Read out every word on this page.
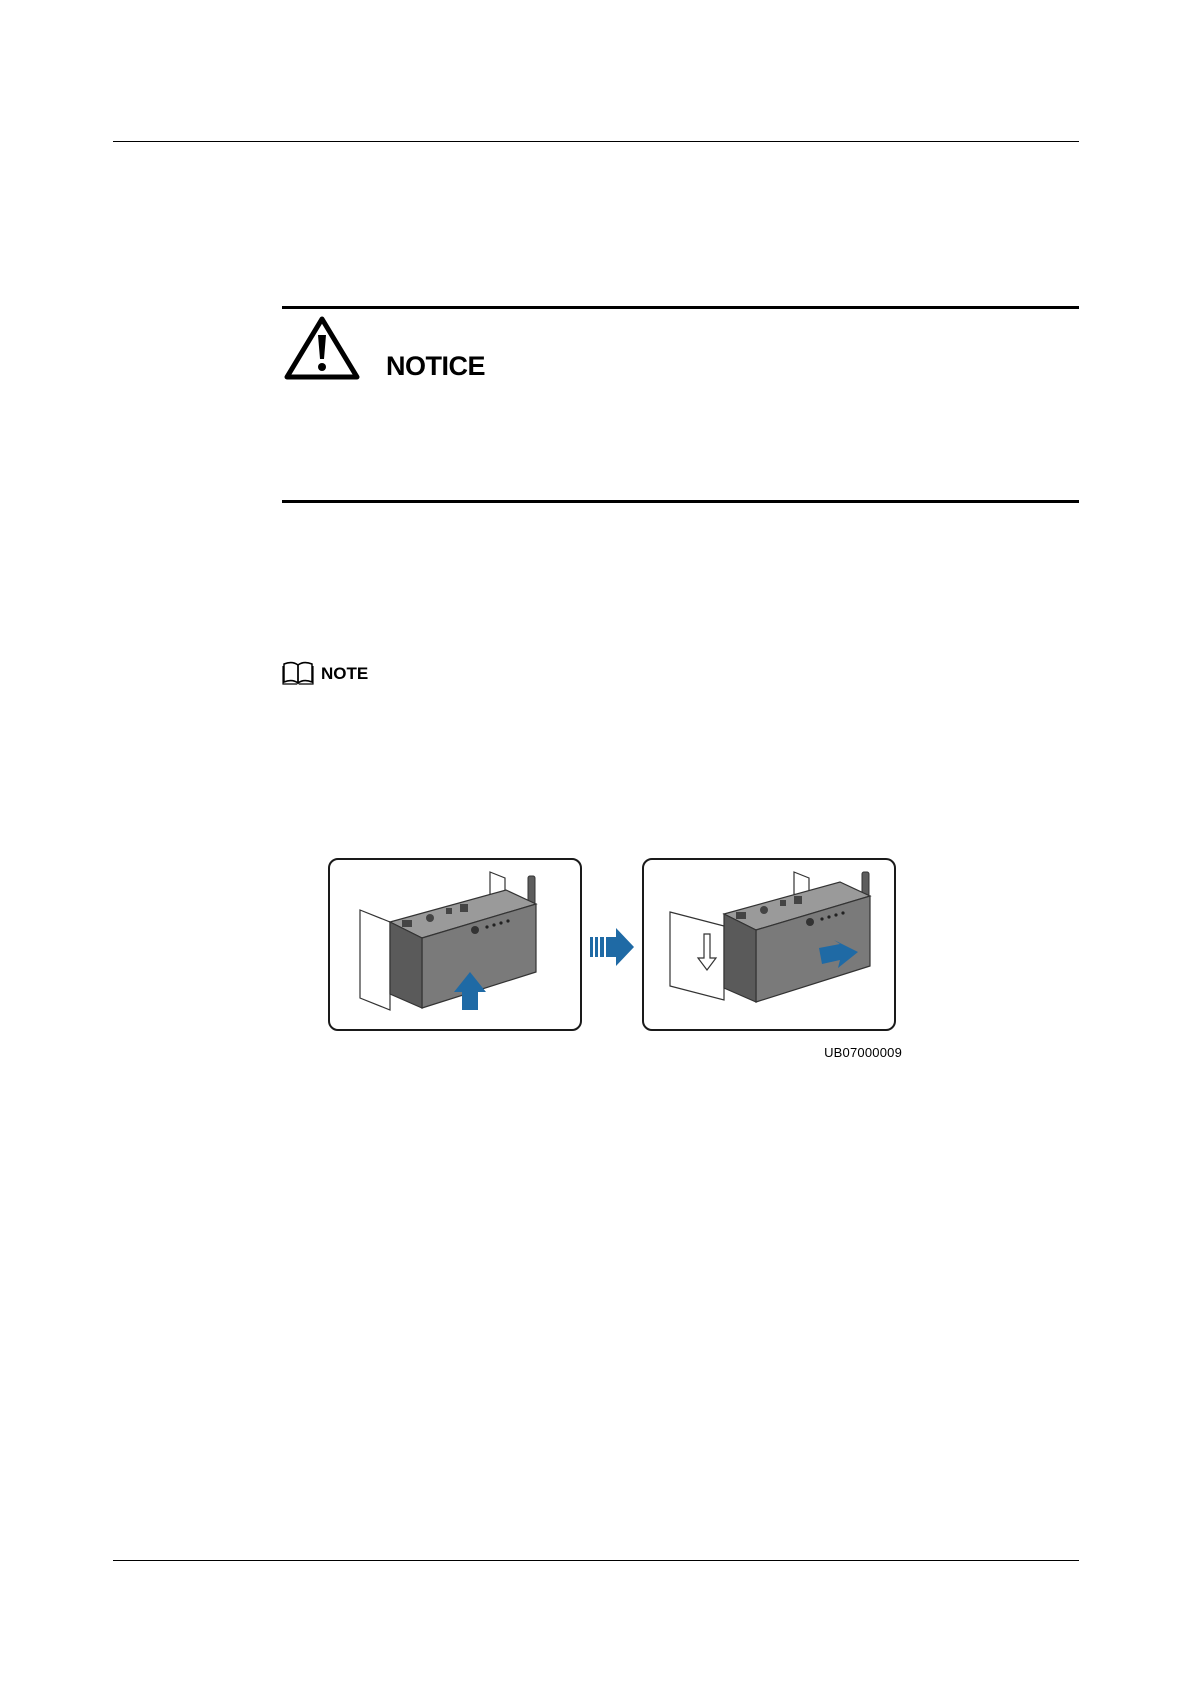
NOTICE
NOTE
UB07000009
